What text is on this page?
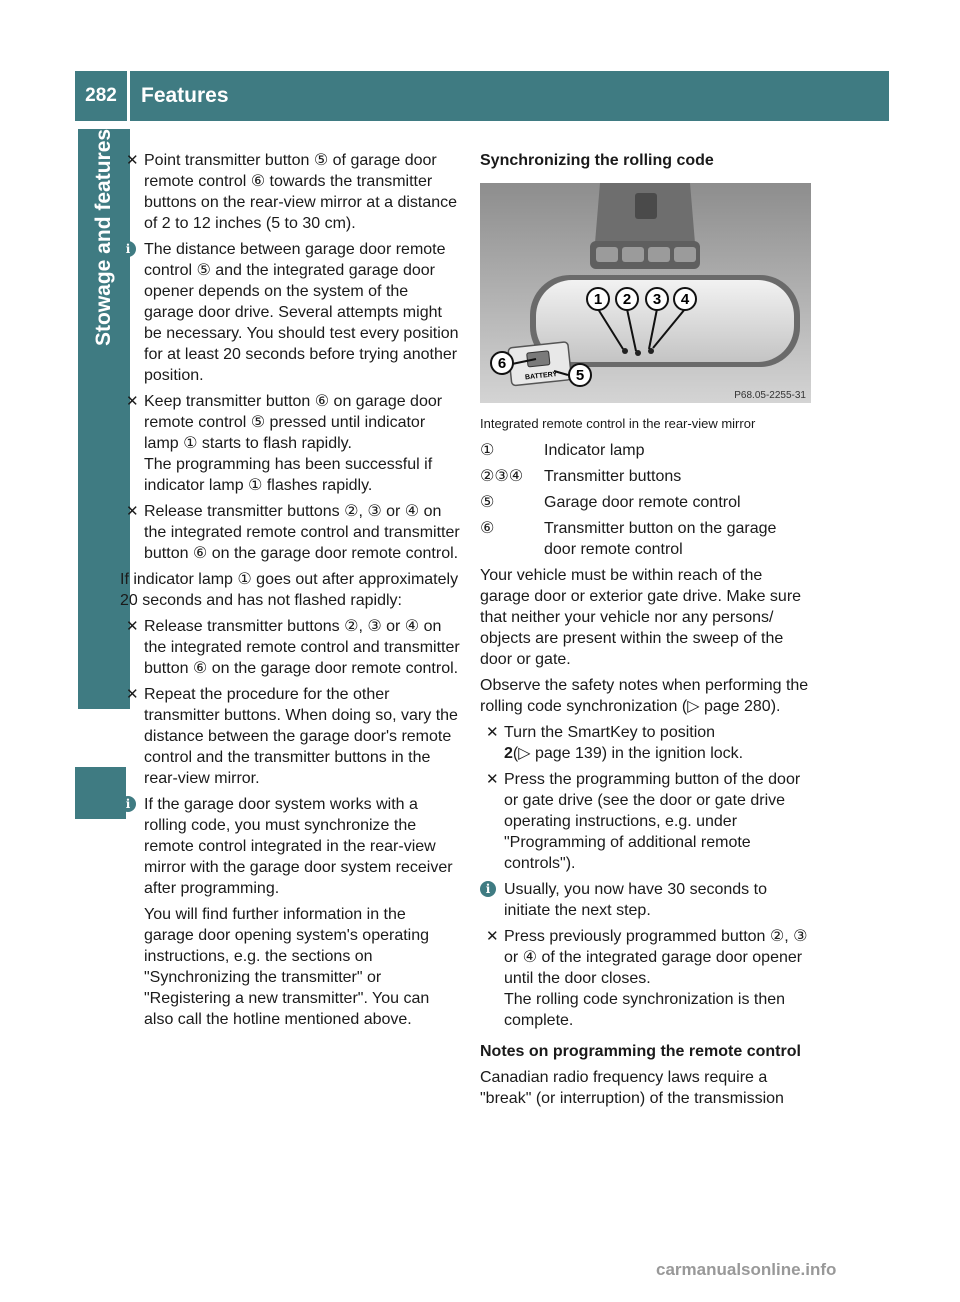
282	Features
Stowage and features ✕ Point transmitter button ⑤ of garage door remote control ⑥ towards the transmitter buttons on the rear-view mirror at a distance of 2 to 12 inches (5 to 30 cm).
i The distance between garage door remote control ⑤ and the integrated garage door opener depends on the system of the garage door drive. Several attempts might be necessary. You should test every position for at least 20 seconds before trying another position.
✕ Keep transmitter button ⑥ on garage door remote control ⑤ pressed until indicator lamp ① starts to flash rapidly.
The programming has been successful if indicator lamp ① flashes rapidly.
✕ Release transmitter buttons ②, ③ or ④ on the integrated remote control and transmitter button ⑥ on the garage door remote control.

If indicator lamp ① goes out after approximately 20 seconds and has not flashed rapidly:

✕ Release transmitter buttons ②, ③ or ④ on the integrated remote control and transmitter button ⑥ on the garage door remote control.
✕ Repeat the procedure for the other transmitter buttons. When doing so, vary the distance between the garage door's remote control and the transmitter buttons in the rear-view mirror.
i If the garage door system works with a rolling code, you must synchronize the remote control integrated in the rear-view mirror with the garage door system receiver after programming.
You will find further information in the garage door opening system's operating instructions, e.g. the sections on "Synchronizing the transmitter" or "Registering a new transmitter". You can also call the hotline mentioned above.
Synchronizing the rolling code
1 2 3 4
BATTERY
6
5
P68.05-2255-31
Integrated remote control in the rear-view mirror
①	Indicator lamp
②③④	Transmitter buttons
⑤	Garage door remote control
⑥	Transmitter button on the garage door remote control

Your vehicle must be within reach of the garage door or exterior gate drive. Make sure that neither your vehicle nor any persons/ objects are present within the sweep of the door or gate.

Observe the safety notes when performing the rolling code synchronization (▷ page 280).

✕ Turn the SmartKey to position
2(▷ page 139) in the ignition lock.
✕ Press the programming button of the door or gate drive (see the door or gate drive operating instructions, e.g. under "Programming of additional remote controls").
i Usually, you now have 30 seconds to initiate the next step.
✕ Press previously programmed button ②, ③ or ④ of the integrated garage door opener until the door closes.
The rolling code synchronization is then complete.
Notes on programming the remote control

Canadian radio frequency laws require a "break" (or interruption) of the transmission

carmanualsonline.info
